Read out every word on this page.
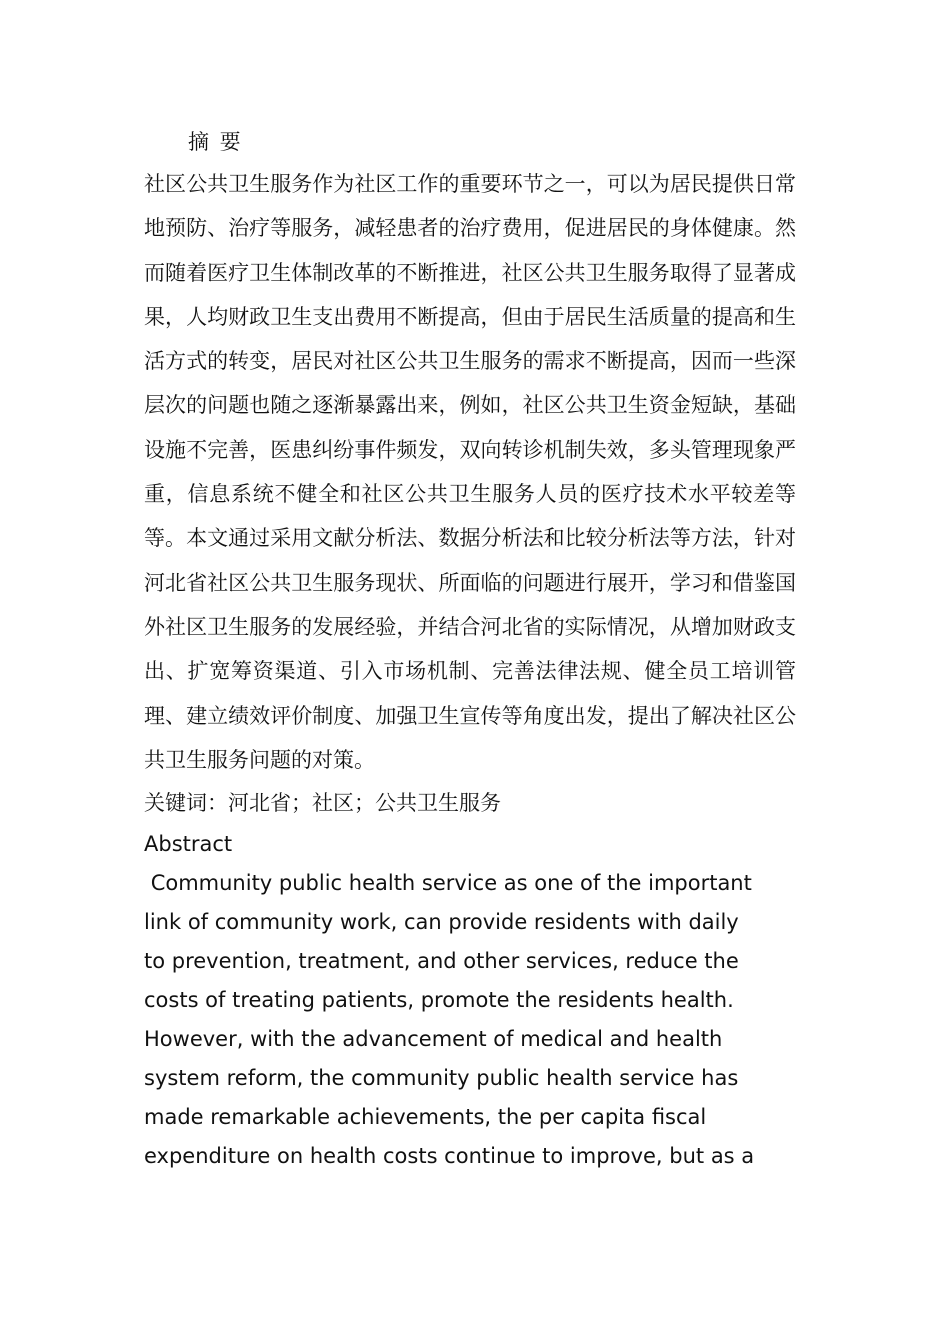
摘 要

社区公共卫生服务作为社区工作的重要环节之一，可以为居民提供日常地预防、治疗等服务，减轻患者的治疗费用，促进居民的身体健康。然而随着医疗卫生体制改革的不断推进，社区公共卫生服务取得了显著成果，人均财政卫生支出费用不断提高，但由于居民生活质量的提高和生活方式的转变，居民对社区公共卫生服务的需求不断提高，因而一些深层次的问题也随之逐渐暴露出来，例如，社区公共卫生资金短缺，基础设施不完善，医患纠纷事件频发，双向转诊机制失效，多头管理现象严重，信息系统不健全和社区公共卫生服务人员的医疗技术水平较差等等。本文通过采用文献分析法、数据分析法和比较分析法等方法，针对河北省社区公共卫生服务现状、所面临的问题进行展开，学习和借鉴国外社区卫生服务的发展经验，并结合河北省的实际情况，从增加财政支出、扩宽筹资渠道、引入市场机制、完善法律法规、健全员工培训管理、建立绩效评价制度、加强卫生宣传等角度出发，提出了解决社区公共卫生服务问题的对策。

关键词：河北省；社区；公共卫生服务

Abstract

Community public health service as one of the important
link of community work, can provide residents with daily
to prevention, treatment, and other services, reduce the
costs of treating patients, promote the residents health.
However, with the advancement of medical and health
system reform, the community public health service has
made remarkable achievements, the per capita fiscal
expenditure on health costs continue to improve, but as a
